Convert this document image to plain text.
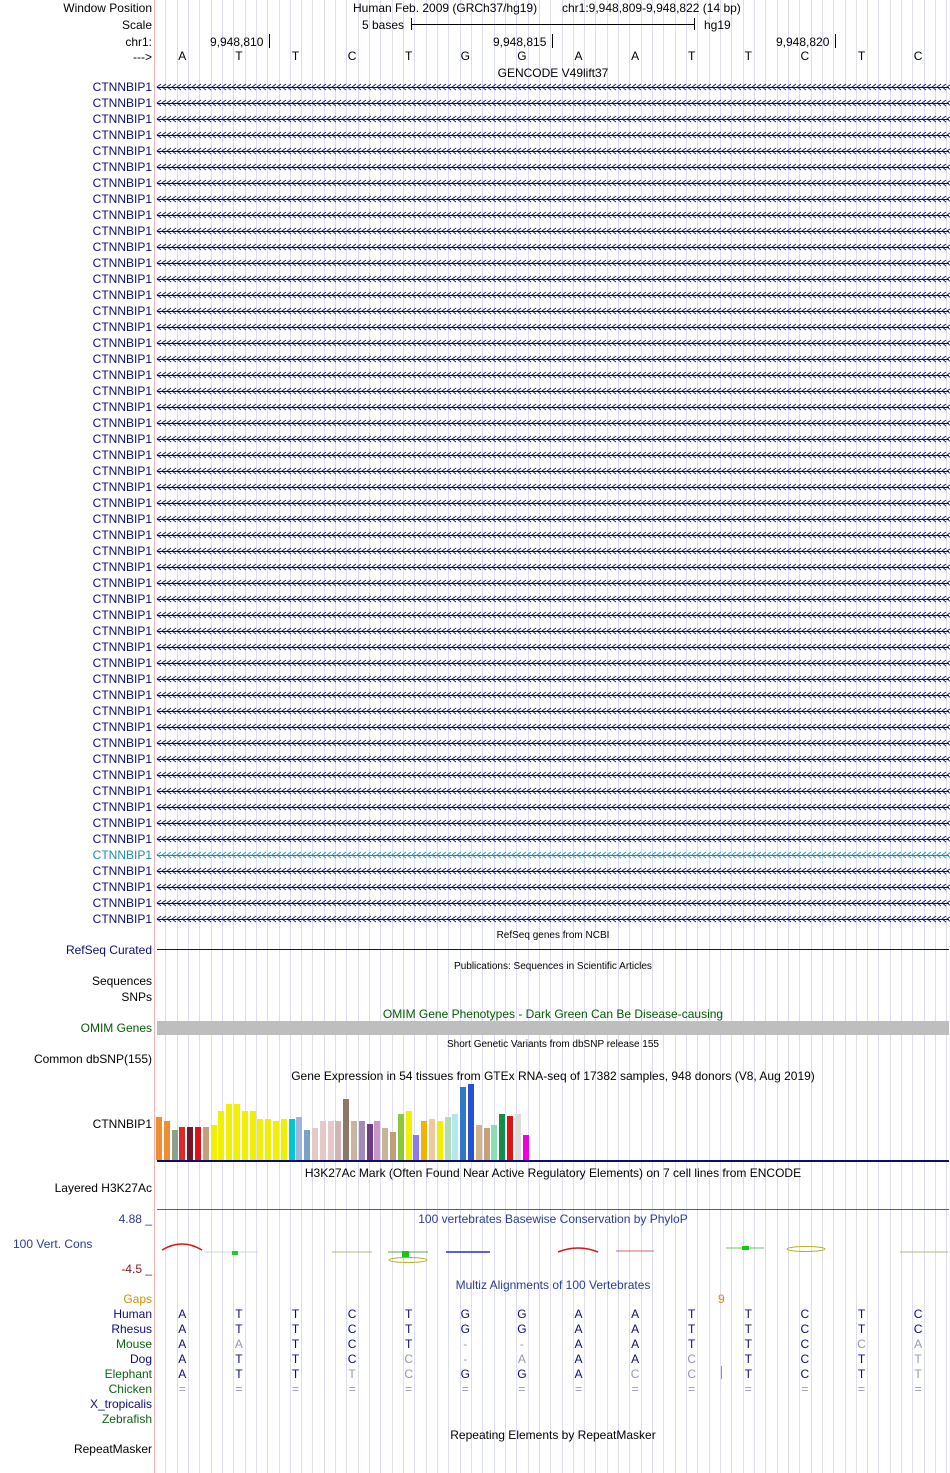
Window Position	Human Feb. 2009 (GRCh37/hg19) chr1:9,948,809-9,948,822 (14 bp)
Scale	5 bases	hg19
chr1:	9,948,810	9,948,815	9,948,820
--->	A	T	T	C	T	G	G	A	A	T	T	C	T	C
GENCODE V49lift37
CTNNBIP1
CTNNBIP1
CTNNBIP1
CTNNBIP1
CTNNBIP1
CTNNBIP1
CTNNBIP1
CTNNBIP1
CTNNBIP1
CTNNBIP1
CTNNBIP1
CTNNBIP1
CTNNBIP1
CTNNBIP1
CTNNBIP1
CTNNBIP1
CTNNBIP1
CTNNBIP1
CTNNBIP1
CTNNBIP1
CTNNBIP1
CTNNBIP1
CTNNBIP1
CTNNBIP1
CTNNBIP1
CTNNBIP1
CTNNBIP1
CTNNBIP1
CTNNBIP1
CTNNBIP1
CTNNBIP1
CTNNBIP1
CTNNBIP1
CTNNBIP1
CTNNBIP1
CTNNBIP1
CTNNBIP1
CTNNBIP1
CTNNBIP1
CTNNBIP1
CTNNBIP1
CTNNBIP1
CTNNBIP1
CTNNBIP1
CTNNBIP1
CTNNBIP1
CTNNBIP1
CTNNBIP1
CTNNBIP1
CTNNBIP1
CTNNBIP1
CTNNBIP1
CTNNBIP1
RefSeq genes from NCBI
RefSeq Curated
Publications: Sequences in Scientific Articles
Sequences
SNPs
OMIM Gene Phenotypes - Dark Green Can Be Disease-causing
OMIM Genes
Short Genetic Variants from dbSNP release 155
Common dbSNP(155)
Gene Expression in 54 tissues from GTEx RNA-seq of 17382 samples, 948 donors (V8, Aug 2019)
CTNNBIP1
H3K27Ac Mark (Often Found Near Active Regulatory Elements) on 7 cell lines from ENCODE
Layered H3K27Ac
100 vertebrates Basewise Conservation by PhyloP
4.88 _
100 Vert. Cons
-4.5 _
Multiz Alignments of 100 Vertebrates
Gaps	9
Human	A	T	T	C	T	G	G	A	A	T	T	C	T	C
Rhesus	A	T	T	C	T	G	G	A	A	T	T	C	T	C
Mouse	A	A	T	C	T	-	-	A	A	T	T	C	C	A
Dog	A	T	T	C	C	-	A	A	A	C	T	C	T	T
Elephant	A	T	T	T	C	G	G	A	C	C	T	C	T	T
Chicken	=	=	=	=	=	=	=	=	=	=	=	=	=	=
X_tropicalis
Zebrafish
Repeating Elements by RepeatMasker
RepeatMasker
